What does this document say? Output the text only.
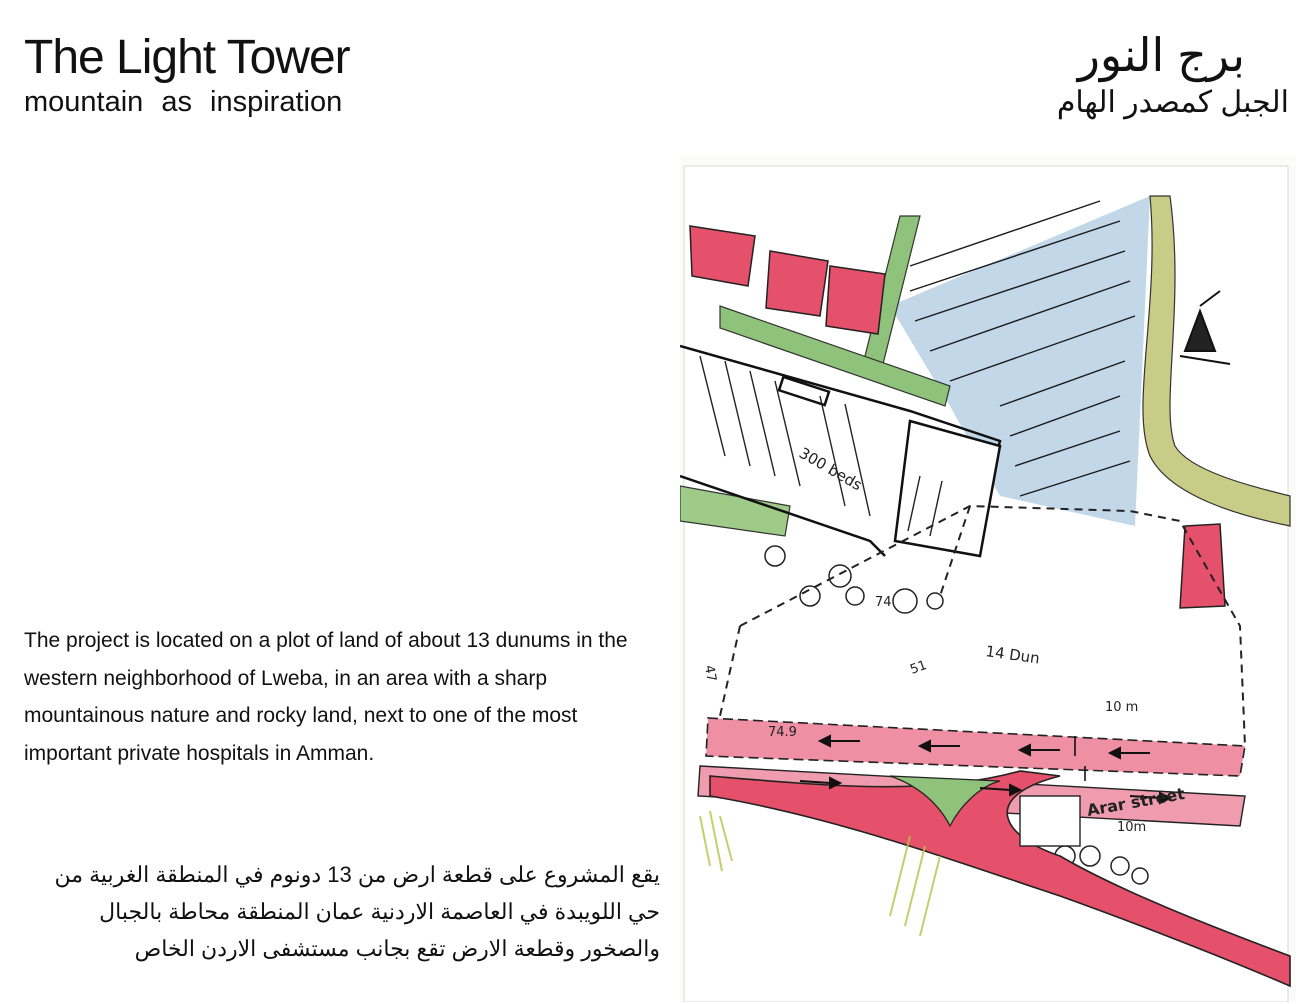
The Light Tower
mountain as inspiration
برج النور
الجبل كمصدر الهام

The project is located on a plot of land of about 13 dunums in the western neighborhood of Lweba, in an area with a sharp mountainous nature and rocky land, next to one of the most important private hospitals in Amman.

يقع المشروع على قطعة ارض من 13 دونوم في المنطقة الغربية من حي اللويبدة في العاصمة الاردنية عمان المنطقة محاطة بالجبال والصخور وقطعة الارض تقع بجانب مستشفى الاردن الخاص

300 beds
14 Dun
Arar street
10 m
10m
74.9
74
51
47
